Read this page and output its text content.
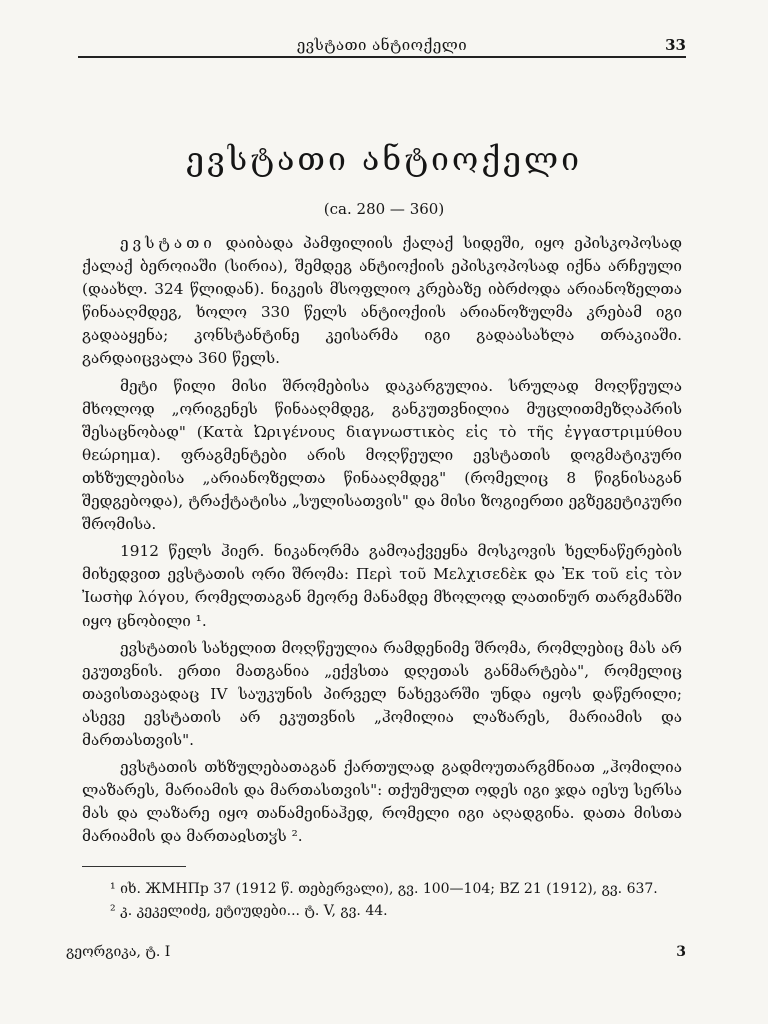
ევსტათი ანტიოქელი	33
ევსტათი ანტიოქელი
(ca. 280 — 360)

ევსტათი დაიბადა პამფილიის ქალაქ სიდეში, იყო ეპისკოპოსად ქალაქ ბეროიაში (სირია), შემდეგ ანტიოქიის ეპისკოპოსად იქნა არჩეული (დაახლ. 324 წლიდან). ნიკეის მსოფლიო კრებაზე იბრძოდა არიანოზელთა წინააღმდეგ, ხოლო 330 წელს ანტიოქიის არიანოზულმა კრებამ იგი გადააყენა; კონსტანტინე კეისარმა იგი გადაასახლა თრაკიაში. გარდაიცვალა 360 წელს.

მეტი წილი მისი შრომებისა დაკარგულია. სრულად მოღწეულა მხოლოდ „ორიგენეს წინააღმდეგ, განკუთვნილია მუცლითმეზღაპრის შესაცნობად" (Κατὰ Ὠριγένους διαγνωστικὸς εἰς τὸ τῆς ἐγγαστριμύθου θεώρημα). ფრაგმენტები არის მოღწეული ევსტათის დოგმატიკური თხზულებისა „არიანოზელთა წინააღმდეგ" (რომელიც 8 წიგნისაგან შედგებოდა), ტრაქტატისა „სულისათვის" და მისი ზოგიერთი ეგზეგეტიკური შრომისა.

1912 წელს ჰიერ. ნიკანორმა გამოაქვეყნა მოსკოვის ხელნაწერების მიხედვით ევსტათის ორი შრომა: Περὶ τοῦ Μελχισεδὲκ და Ἐκ τοῦ εἰς τὸν Ἰωσὴφ λόγου, რომელთაგან მეორე მანამდე მხოლოდ ლათინურ თარგმანში იყო ცნობილი ¹.

ევსტათის სახელით მოღწეულია რამდენიმე შრომა, რომლებიც მას არ ეკუთვნის. ერთი მათგანია „ექვსთა დღეთას განმარტება", რომელიც თავისთავადაც IV საუკუნის პირველ ნახევარში უნდა იყოს დაწერილი; ასევე ევსტათის არ ეკუთვნის „ჰომილია ლაზარეს, მარიამის და მართასთვის".

ევსტათის თხზულებათაგან ქართულად გადმოუთარგმნიათ „ჰომილია ლაზარეს, მარიამის და მართასთვის": თქუმულთ ოდეს იგი ჯდა იესუ სერსა მას და ლაზარე იყო თანამეინაჰედ, რომელი იგი აღადგინა. დათა მისთა მარიამის და მართაჲსთჳს ².

¹ იხ. ЖМНПр 37 (1912 წ. თებერვალი), გვ. 100—104; BZ 21 (1912), გვ. 637.

² კ. კეკელიძე, ეტიუდები... ტ. V, გვ. 44.

გეორგიკა, ტ. I	3
